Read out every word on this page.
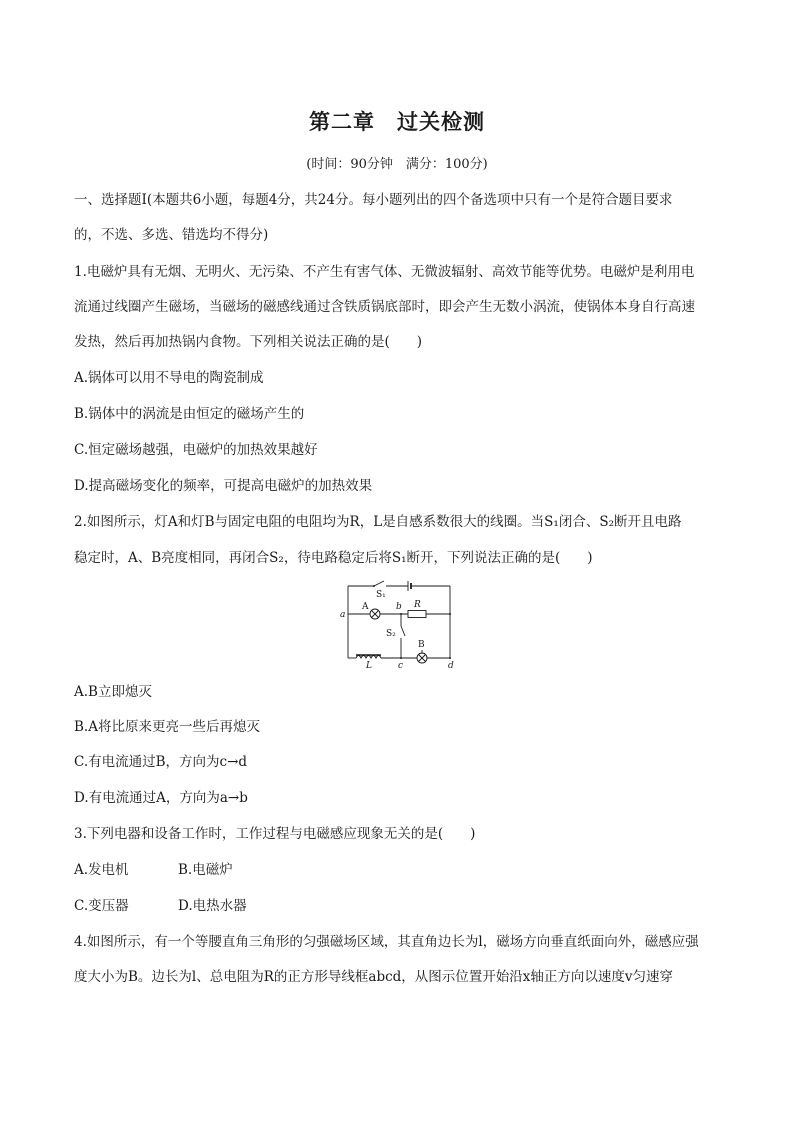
第二章　过关检测
(时间：90分钟　满分：100分)
一、选择题Ⅰ(本题共6小题，每题4分，共24分。每小题列出的四个备选项中只有一个是符合题目要求
的，不选、多选、错选均不得分)
1.电磁炉具有无烟、无明火、无污染、不产生有害气体、无微波辐射、高效节能等优势。电磁炉是利用电
流通过线圈产生磁场，当磁场的磁感线通过含铁质锅底部时，即会产生无数小涡流，使锅体本身自行高速
发热，然后再加热锅内食物。下列相关说法正确的是(　　)
A.锅体可以用不导电的陶瓷制成
B.锅体中的涡流是由恒定的磁场产生的
C.恒定磁场越强，电磁炉的加热效果越好
D.提高磁场变化的频率，可提高电磁炉的加热效果
2.如图所示，灯A和灯B与固定电阻的电阻均为R，L是自感系数很大的线圈。当S₁闭合、S₂断开且电路
稳定时，A、B亮度相同，再闭合S₂，待电路稳定后将S₁断开，下列说法正确的是(　　)
S₁
A
a
b R
S₂
B
L	c	d
A.B立即熄灭
B.A将比原来更亮一些后再熄灭
C.有电流通过B，方向为c→d
D.有电流通过A，方向为a→b
3.下列电器和设备工作时，工作过程与电磁感应现象无关的是(　　)
A.发电机	B.电磁炉
C.变压器	D.电热水器
4.如图所示，有一个等腰直角三角形的匀强磁场区域，其直角边长为l，磁场方向垂直纸面向外，磁感应强
度大小为B。边长为l、总电阻为R的正方形导线框abcd，从图示位置开始沿x轴正方向以速度v匀速穿
